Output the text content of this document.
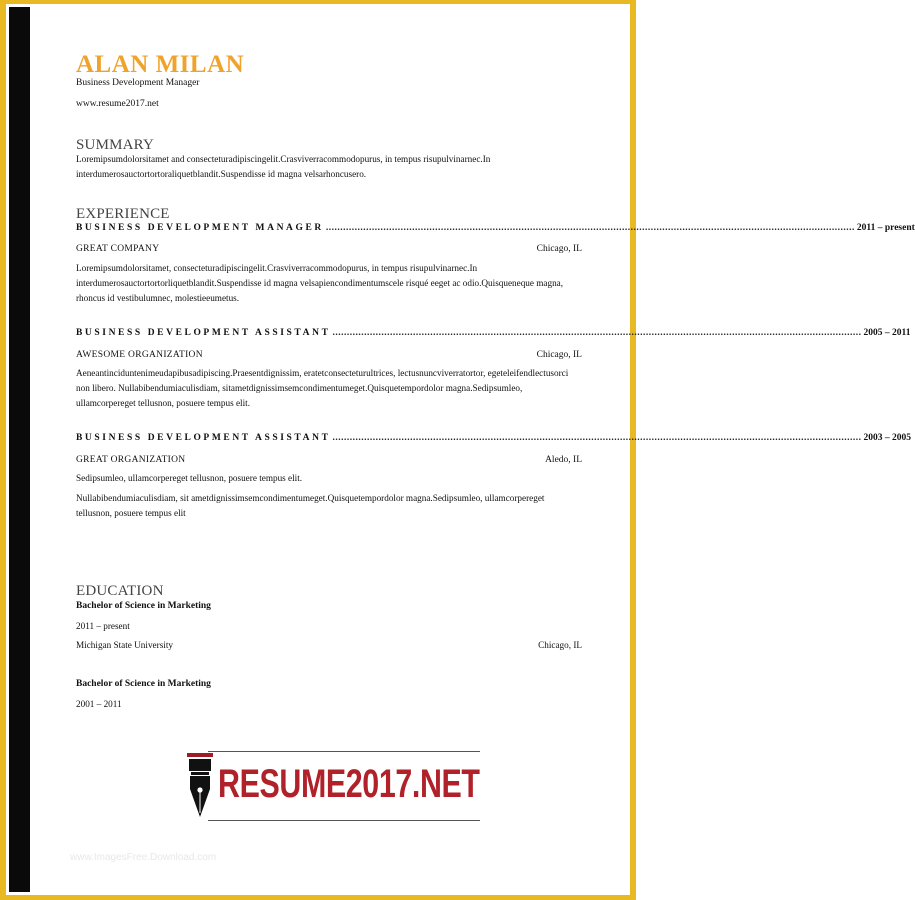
ALAN MILAN
Business Development Manager
www.resume2017.net
SUMMARY
Loremipsumdolorsitamet and consecteturadipiscingelit.Crasviverracommodopurus, in tempus risupulvinarnec.In interdumerosauctortortoraliquetblandit.Suspendisse id magna velsarhoncusero.
EXPERIENCE
BUSINESS DEVELOPMENT MANAGER ........................................................................................................................................................................................ 2011 – present
GREAT COMPANY	Chicago, IL
Loremipsumdolorsitamet, consecteturadipiscingelit.Crasviverracommodopurus, in tempus risupulvinarnec.In interdumerosauctortortorliquetblandit.Suspendisse id magna velsapiencondimentumscele risqué eeget ac odio.Quisqueneque magna, rhoncus id vestibulumnec, molestieeumetus.
BUSINESS DEVELOPMENT ASSISTANT ........................................................................................................................................................................................ 2005 – 2011
AWESOME ORGANIZATION	Chicago, IL
Aeneantinciduntenimeudapibusadipiscing.Praesentdignissim, eratetconsecteturultrices, lectusnuncviverratortor, egeteleifendlectusorci non libero. Nullabibendumiaculisdiam, sitametdignissimsemcondimentumeget.Quisquetempordolor magna.Sedipsumleo, ullamcorpereget tellusnon, posuere tempus elit.
BUSINESS DEVELOPMENT ASSISTANT ........................................................................................................................................................................................ 2003 – 2005
GREAT ORGANIZATION	Aledo, IL
Sedipsumleo, ullamcorpereget tellusnon, posuere tempus elit.
Nullabibendumiaculisdiam, sit ametdignissimsemcondimentumeget.Quisquetempordolor magna.Sedipsumleo, ullamcorpereget tellusnon, posuere tempus elit
EDUCATION
Bachelor of Science in Marketing
2011 – present
Michigan State University	Chicago, IL
Bachelor of Science in Marketing
2001 – 2011
RESUME2017.NET
www.ImagesFree.Download.com
